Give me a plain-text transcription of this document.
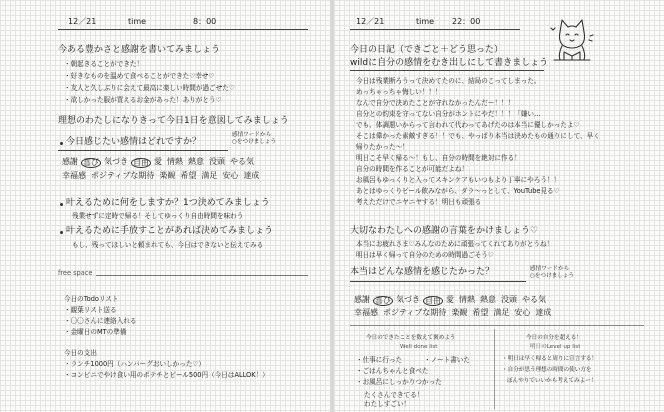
12／21	time	8：00
今ある豊かさと感謝を書いてみましょう
・朝起きることができた！
・好きなものを温めて食べることができた♡幸せ♡
・友人と久しぶりに会えて最高に楽しい時間が過ごせた♡
・欲しかった服が買えるお金があった！ありがとう♡
理想のわたしになりきって今日1日を意図してみましょう
今日感じたい感情はどれですか？
感情ワードから
○をつけましょう
感謝 喜び 気づき 自由 愛 情熱 熱意 没頭 やる気
幸福感 ポジティブな期待 楽観 希望 満足 安心 達成
叶えるために何をしますか？1つ決めてみましょう
残業せずに定時で帰る！そしてゆっくり自由時間を味わう
叶えるために手放すことがあれば決めてみましょう
もし、残ってほしいと頼まれても、今日はできないと伝えてみる
free space
今日のTodoリスト
・観葉リスト送る
・〇〇さんに連絡入れる
・金曜日のMTの準備
今日の支出
・ランチ1000円（ハンバーグおいしかった♡）
・コンビニでやけ食い用のポテチとビール500円（今日はALLOK！）
12／21	time 22：00
今日の日記（できごと＋どう思った）
wildに自分の感情をむき出しにして書きましょう
今日は残業断ろうって決めてたのに、結局のこってしまった。
めっちゃっちゃ悔しい！！！
なんで自分で決めたことが守れなかったんだー！！！
自分との約束を守ってない自分がホントにやだ！！！「嫌い…
でも、体調悪いからって言われて代わってあげたのは本当に優しかったよ♡
そこは偉かった素敵すぎる！！でも、やっぱり本当は決めたもの通りにして、早く
帰りたかった〜！
明日こそ早く帰る〜！もし、自分の時間を絶対に作る！
自分の時間を作ることが可能だよね！
お風呂もゆっくりと入ってスキンケアもいつもより丁寧にやろう！！
あとはゆっくりビール飲みながら、ダラ〜っとして、YouTube見る♡
考えただけでニヤニヤする！明日も頑張る
大切なわたしへの感謝の言葉をかけましょう♡
本当にお疲れさま♡みんなのために頑張ってくれてありがとうね！
明日は早く帰って自分のための時間過ごそう♡
本当はどんな感情を感じたかった？	感情ワードから
○をつけましょう
感謝 喜び 気づき 自由 愛 情熱 熱意 没頭 やる気
幸福感 ポジティブな期待 楽観 希望 満足 安心 達成
今日のできたことを数えて褒めよう
Well done list
・仕事に行った	・ノート書いた
・ごはんちゃんと食べた
・お風呂にしっかりつかった
たくさんできてる！
わたしすごい！
今日の自分を超える！
明日のLevel up list
・明日は早く帰ると周りに宣言する！
・自分が思う理想の時間の使い方を
ぼんやりでいいから考えてみよー！
